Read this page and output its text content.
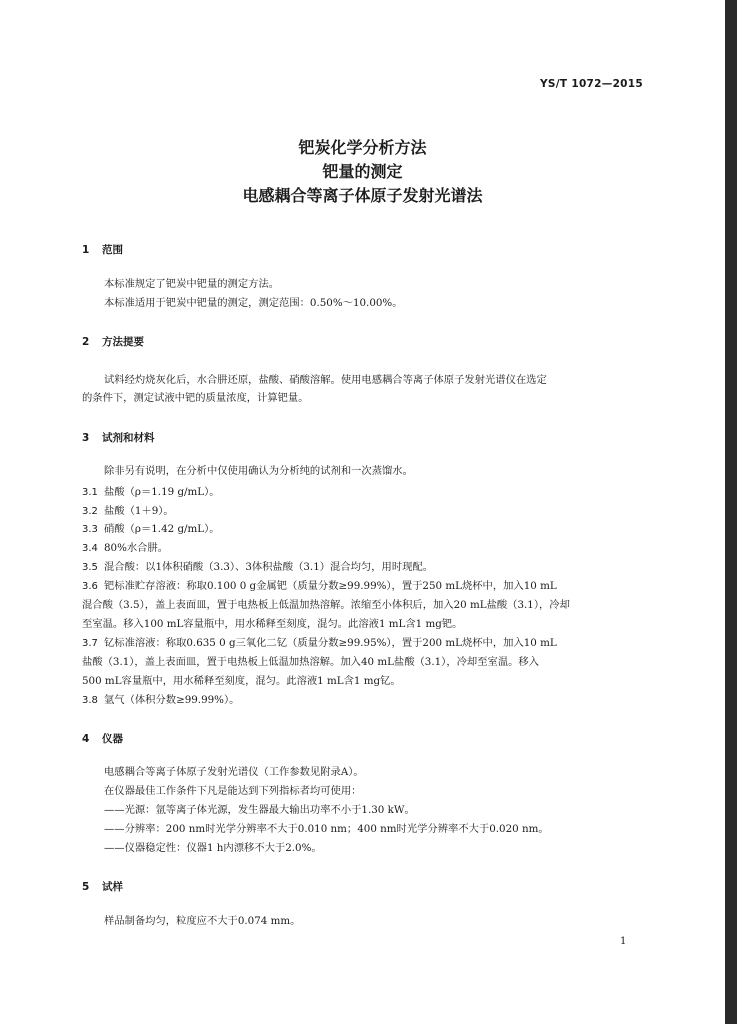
YS/T 1072—2015
钯炭化学分析方法
钯量的测定
电感耦合等离子体原子发射光谱法
1 范围
本标准规定了钯炭中钯量的测定方法。
本标准适用于钯炭中钯量的测定，测定范围：0.50%～10.00%。
2 方法提要
试料经灼烧灰化后，水合肼还原，盐酸、硝酸溶解。使用电感耦合等离子体原子发射光谱仪在选定
的条件下，测定试液中钯的质量浓度，计算钯量。
3 试剂和材料
除非另有说明，在分析中仅使用确认为分析纯的试剂和一次蒸馏水。
3.1 盐酸（ρ＝1.19 g/mL）。
3.2 盐酸（1＋9）。
3.3 硝酸（ρ＝1.42 g/mL）。
3.4 80%水合肼。
3.5 混合酸：以1体积硝酸（3.3）、3体积盐酸（3.1）混合均匀，用时现配。
3.6 钯标准贮存溶液：称取0.100 0 g金属钯（质量分数≥99.99%），置于250 mL烧杯中，加入10 mL
混合酸（3.5），盖上表面皿，置于电热板上低温加热溶解。浓缩至小体积后，加入20 mL盐酸（3.1），冷却
至室温。移入100 mL容量瓶中，用水稀释至刻度，混匀。此溶液1 mL含1 mg钯。
3.7 钇标准溶液：称取0.635 0 g三氧化二钇（质量分数≥99.95%），置于200 mL烧杯中，加入10 mL
盐酸（3.1），盖上表面皿，置于电热板上低温加热溶解。加入40 mL盐酸（3.1），冷却至室温。移入
500 mL容量瓶中，用水稀释至刻度，混匀。此溶液1 mL含1 mg钇。
3.8 氩气（体积分数≥99.99%）。
4 仪器
电感耦合等离子体原子发射光谱仪（工作参数见附录A）。
在仪器最佳工作条件下凡是能达到下列指标者均可使用：
——光源：氩等离子体光源，发生器最大输出功率不小于1.30 kW。
——分辨率：200 nm时光学分辨率不大于0.010 nm；400 nm时光学分辨率不大于0.020 nm。
——仪器稳定性：仪器1 h内漂移不大于2.0%。
5 试样
样品制备均匀，粒度应不大于0.074 mm。
1
